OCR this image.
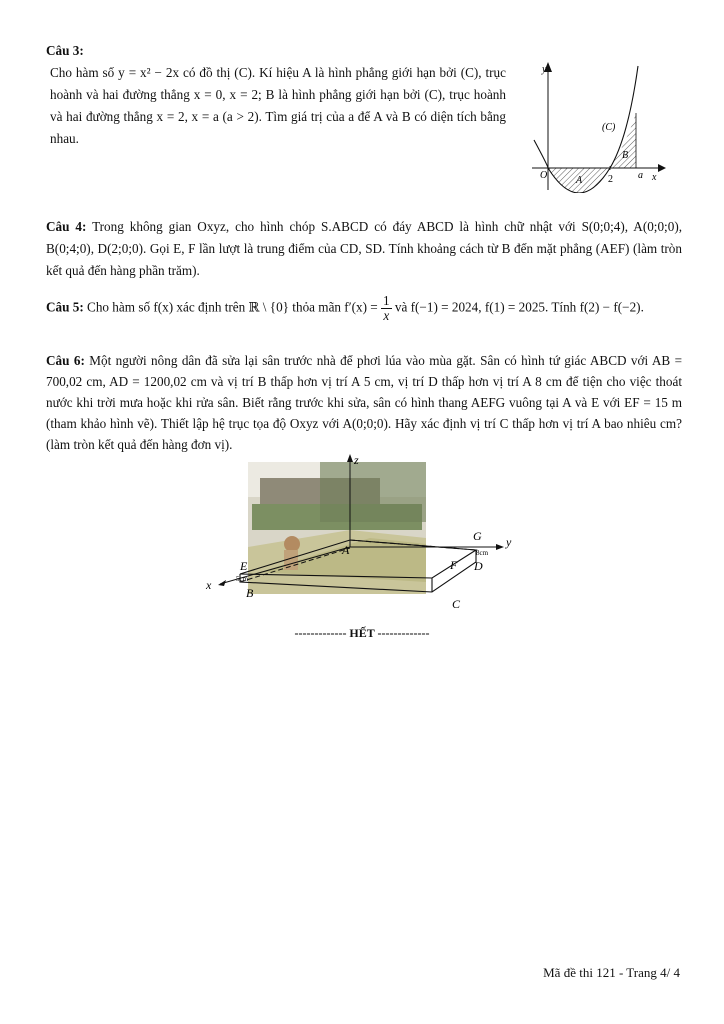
Câu 3:
Cho hàm số y = x² − 2x có đồ thị (C). Kí hiệu A là hình phẳng giới hạn bởi (C), trục hoành và hai đường thẳng x = 0, x = 2; B là hình phẳng giới hạn bởi (C), trục hoành và hai đường thẳng x = 2, x = a (a > 2). Tìm giá trị của a để A và B có diện tích bằng nhau.
y
x
(C)
O	A
B
2	a
Câu 4: Trong không gian Oxyz, cho hình chóp S.ABCD có đáy ABCD là hình chữ nhật với S(0;0;4), A(0;0;0), B(0;4;0), D(2;0;0). Gọi E, F lần lượt là trung điểm của CD, SD. Tính khoảng cách từ B đến mặt phẳng (AEF) (làm tròn kết quả đến hàng phần trăm).
Câu 5: Cho hàm số f(x) xác định trên ℝ \ {0} thỏa mãn $f'(x) = \frac{1}{x}$ và f(−1) = 2024, f(1) = 2025. Tính f(2) − f(−2).
Câu 6: Một người nông dân đã sửa lại sân trước nhà để phơi lúa vào mùa gặt. Sân có hình tứ giác ABCD với AB = 700,02 cm, AD = 1200,02 cm và vị trí B thấp hơn vị trí A 5 cm, vị trí D thấp hơn vị trí A 8 cm để tiện cho việc thoát nước khi trời mưa hoặc khi rửa sân. Biết rằng trước khi sửa, sân có hình thang AEFG vuông tại A và E với EF = 15 m (tham khảo hình vẽ). Thiết lập hệ trục tọa độ Oxyz với A(0;0;0). Hãy xác định vị trí C thấp hơn vị trí A bao nhiêu cm? (làm tròn kết quả đến hàng đơn vị).
z
y
x
A
G
8cm
F D
E
5cm
B
C
------------- HẾT -------------
Mã đề thi 121 - Trang 4/ 4
